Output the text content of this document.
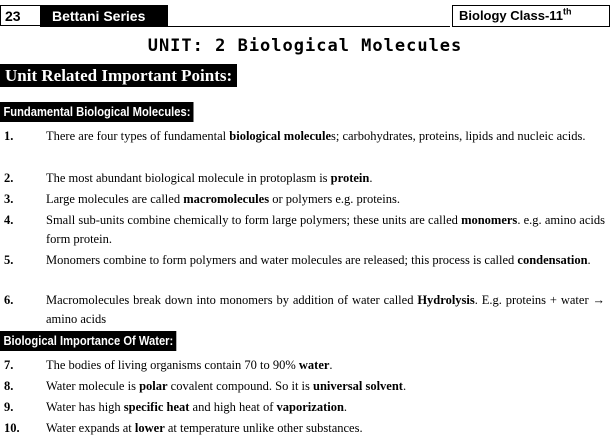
23	Bettani Series	Biology Class-11th
UNIT: 2 Biological Molecules
Unit Related Important Points:
Fundamental Biological Molecules:
Biological Importance Of Water:
1.	There are four types of fundamental biological molecules; carbohydrates, proteins, lipids and nucleic acids.
2.	The most abundant biological molecule in protoplasm is protein.
3.	Large molecules are called macromolecules or polymers e.g. proteins.
4.	Small sub-units combine chemically to form large polymers; these units are called monomers. e.g. amino acids form protein.
5.	Monomers combine to form polymers and water molecules are released; this process is called condensation.
6.	Macromolecules break down into monomers by addition of water called Hydrolysis. E.g. proteins + water → amino acids
7.	The bodies of living organisms contain 70 to 90% water.
8.	Water molecule is polar covalent compound. So it is universal solvent.
9.	Water has high specific heat and high heat of vaporization.
10. Water expands at lower at temperature unlike other substances.
